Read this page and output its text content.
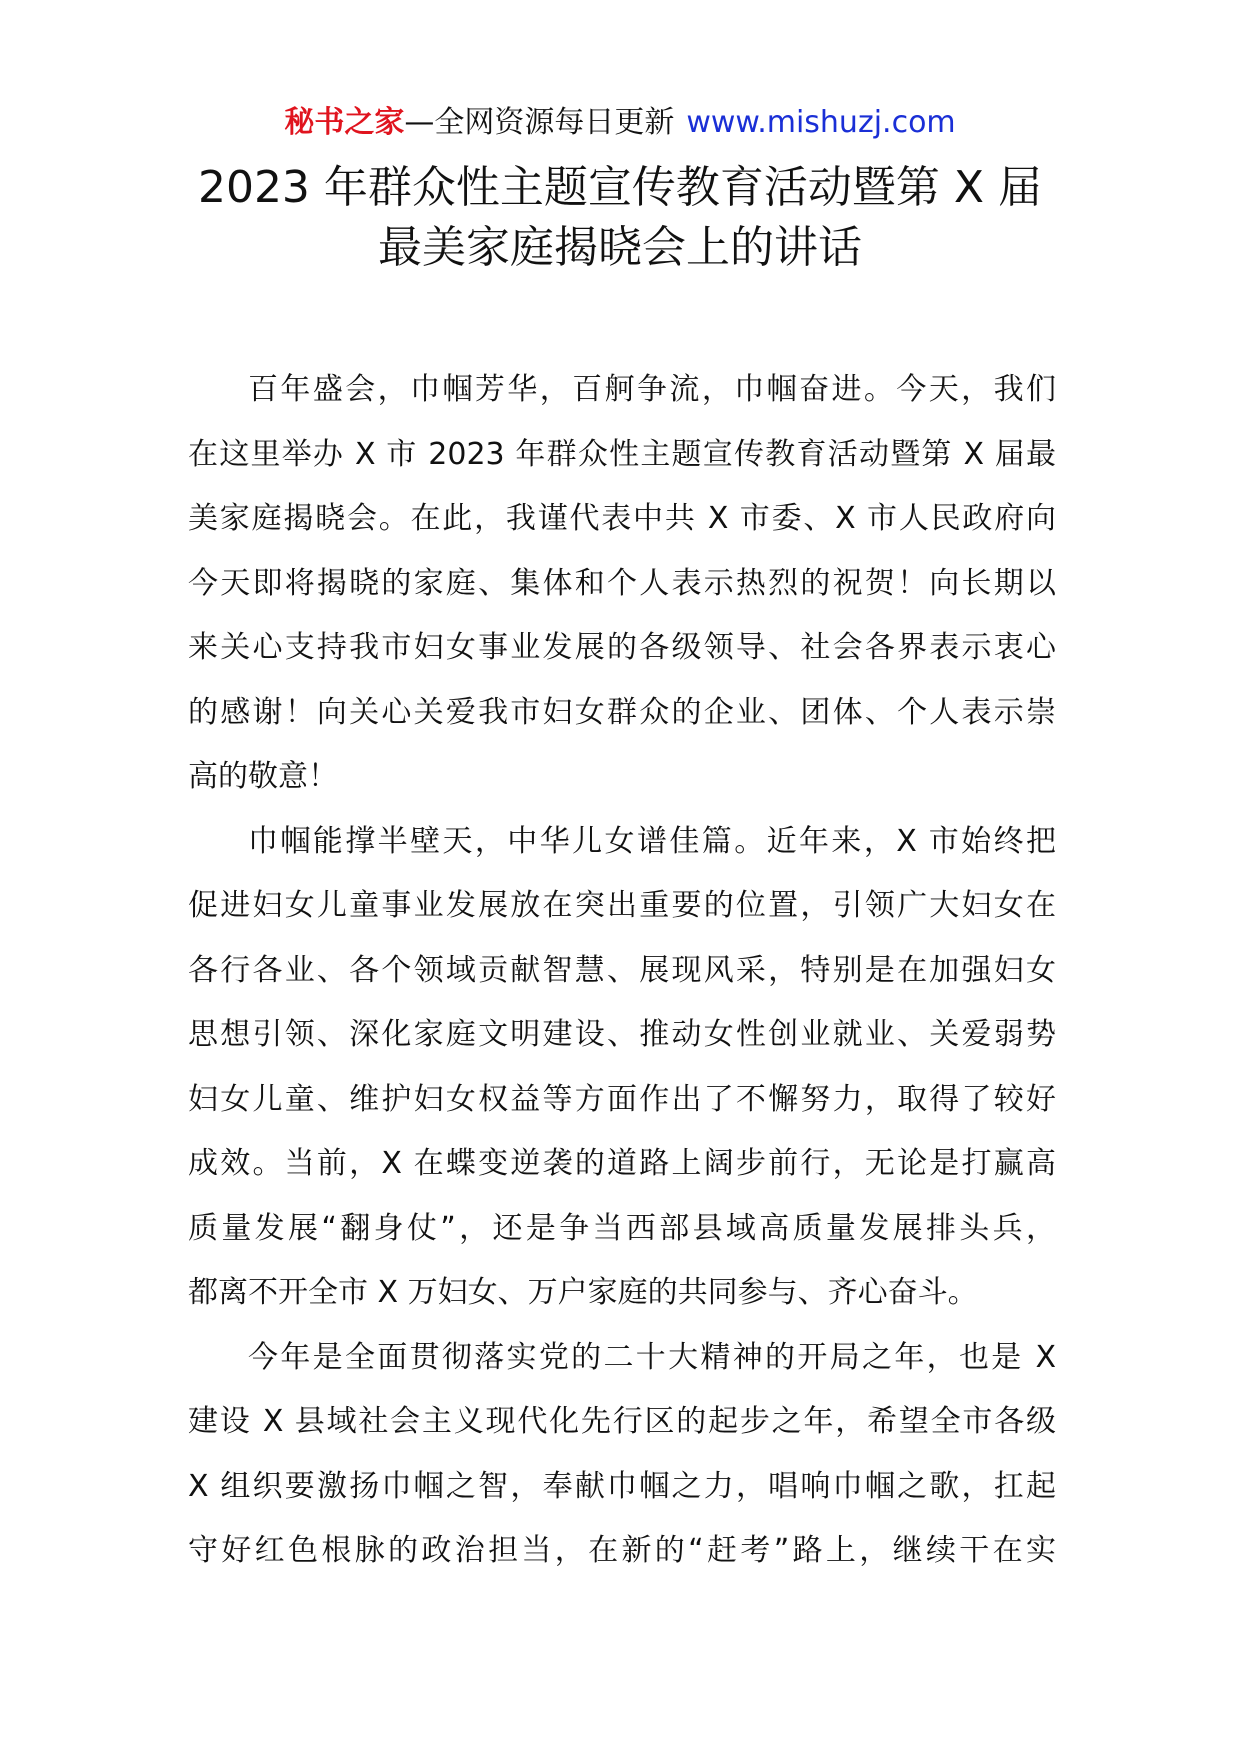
秘书之家—全网资源每日更新 www.mishuzj.com
2023 年群众性主题宣传教育活动暨第 X 届
最美家庭揭晓会上的讲话

百年盛会，巾帼芳华，百舸争流，巾帼奋进。今天，我们
在这里举办 X 市 2023 年群众性主题宣传教育活动暨第 X 届最
美家庭揭晓会。在此，我谨代表中共 X 市委、X 市人民政府向
今天即将揭晓的家庭、集体和个人表示热烈的祝贺！向长期以
来关心支持我市妇女事业发展的各级领导、社会各界表示衷心
的感谢！向关心关爱我市妇女群众的企业、团体、个人表示崇
高的敬意！

巾帼能撑半壁天，中华儿女谱佳篇。近年来，X 市始终把
促进妇女儿童事业发展放在突出重要的位置，引领广大妇女在
各行各业、各个领域贡献智慧、展现风采，特别是在加强妇女
思想引领、深化家庭文明建设、推动女性创业就业、关爱弱势
妇女儿童、维护妇女权益等方面作出了不懈努力，取得了较好
成效。当前，X 在蝶变逆袭的道路上阔步前行，无论是打赢高
质量发展“翻身仗”，还是争当西部县域高质量发展排头兵，
都离不开全市 X 万妇女、万户家庭的共同参与、齐心奋斗。

今年是全面贯彻落实党的二十大精神的开局之年，也是 X
建设 X 县域社会主义现代化先行区的起步之年，希望全市各级
X 组织要激扬巾帼之智，奉献巾帼之力，唱响巾帼之歌，扛起
守好红色根脉的政治担当，在新的“赶考”路上，继续干在实
